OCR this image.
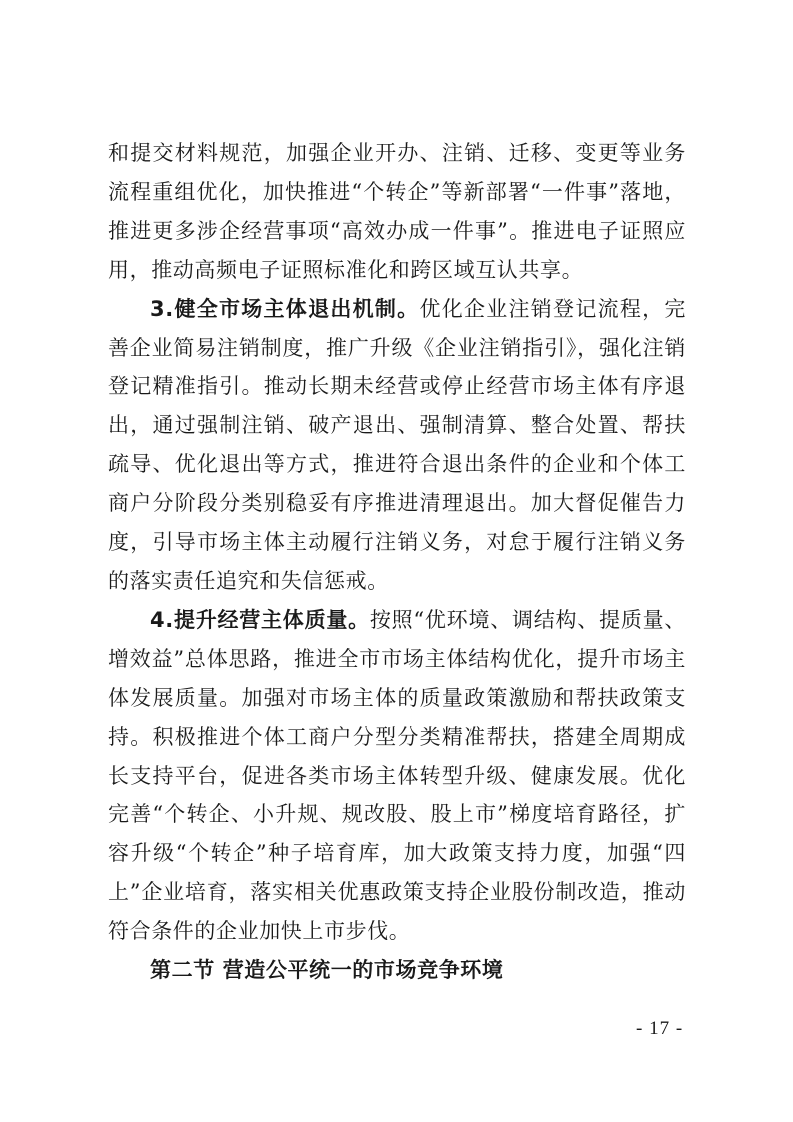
和提交材料规范，加强企业开办、注销、迁移、变更等业务流程重组优化，加快推进“个转企”等新部署“一件事”落地，推进更多涉企经营事项“高效办成一件事”。推进电子证照应用，推动高频电子证照标准化和跨区域互认共享。

3.健全市场主体退出机制。优化企业注销登记流程，完善企业简易注销制度，推广升级《企业注销指引》，强化注销登记精准指引。推动长期未经营或停止经营市场主体有序退出，通过强制注销、破产退出、强制清算、整合处置、帮扶疏导、优化退出等方式，推进符合退出条件的企业和个体工商户分阶段分类别稳妥有序推进清理退出。加大督促催告力度，引导市场主体主动履行注销义务，对怠于履行注销义务的落实责任追究和失信惩戒。

4.提升经营主体质量。按照“优环境、调结构、提质量、增效益”总体思路，推进全市市场主体结构优化，提升市场主体发展质量。加强对市场主体的质量政策激励和帮扶政策支持。积极推进个体工商户分型分类精准帮扶，搭建全周期成长支持平台，促进各类市场主体转型升级、健康发展。优化完善“个转企、小升规、规改股、股上市”梯度培育路径，扩容升级“个转企”种子培育库，加大政策支持力度，加强“四上”企业培育，落实相关优惠政策支持企业股份制改造，推动符合条件的企业加快上市步伐。

第二节 营造公平统一的市场竞争环境

- 17 -
